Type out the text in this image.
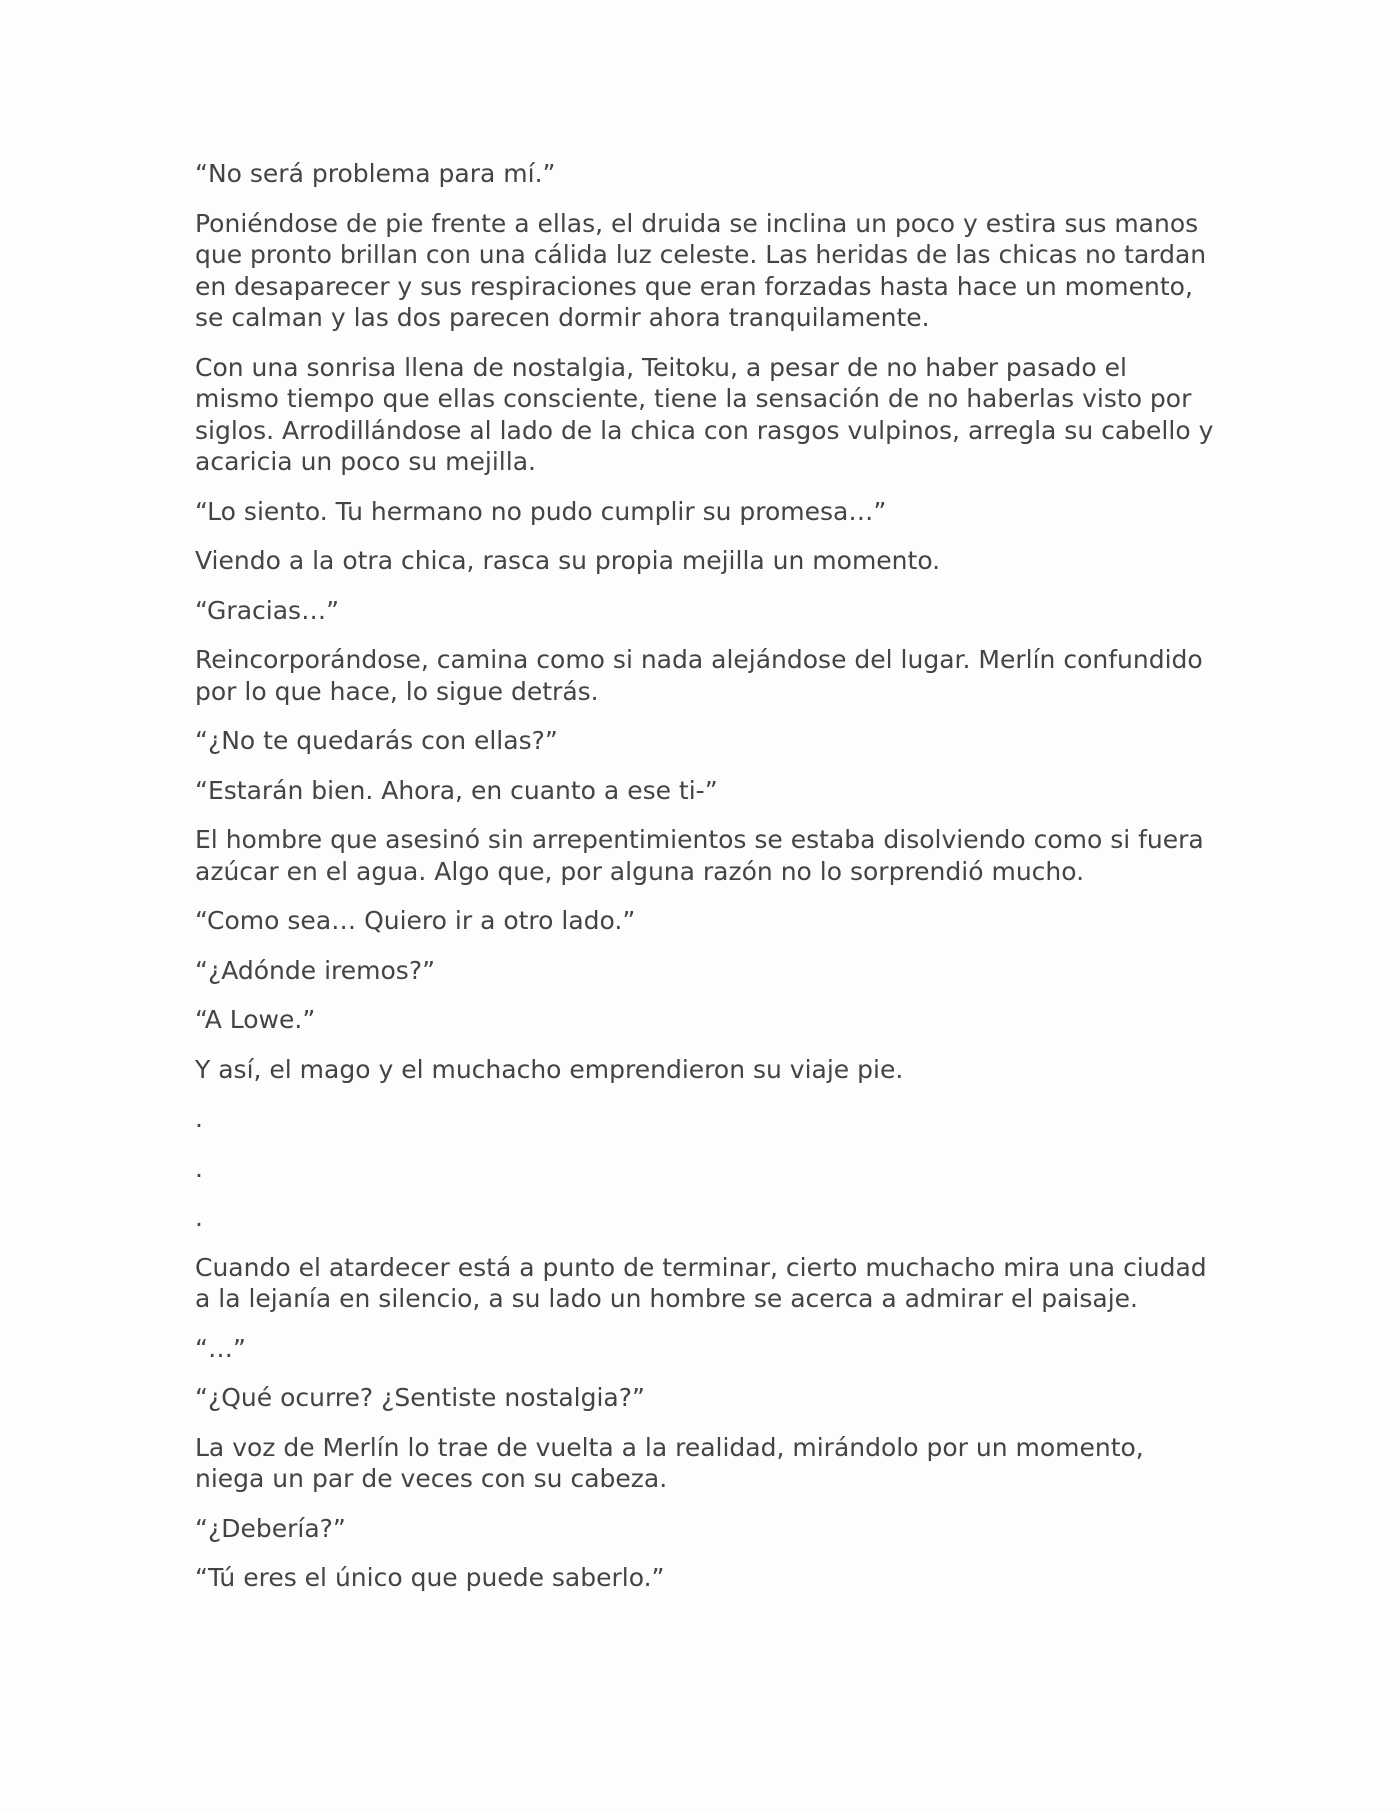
“No será problema para mí.”

Poniéndose de pie frente a ellas, el druida se inclina un poco y estira sus manos que pronto brillan con una cálida luz celeste. Las heridas de las chicas no tardan en desaparecer y sus respiraciones que eran forzadas hasta hace un momento, se calman y las dos parecen dormir ahora tranquilamente.

Con una sonrisa llena de nostalgia, Teitoku, a pesar de no haber pasado el mismo tiempo que ellas consciente, tiene la sensación de no haberlas visto por siglos. Arrodillándose al lado de la chica con rasgos vulpinos, arregla su cabello y acaricia un poco su mejilla.

“Lo siento. Tu hermano no pudo cumplir su promesa…”

Viendo a la otra chica, rasca su propia mejilla un momento.

“Gracias…”

Reincorporándose, camina como si nada alejándose del lugar. Merlín confundido por lo que hace, lo sigue detrás.

“¿No te quedarás con ellas?”

“Estarán bien. Ahora, en cuanto a ese ti-”

El hombre que asesinó sin arrepentimientos se estaba disolviendo como si fuera azúcar en el agua. Algo que, por alguna razón no lo sorprendió mucho.

“Como sea… Quiero ir a otro lado.”

“¿Adónde iremos?”

“A Lowe.”

Y así, el mago y el muchacho emprendieron su viaje pie.

.

.

.

Cuando el atardecer está a punto de terminar, cierto muchacho mira una ciudad a la lejanía en silencio, a su lado un hombre se acerca a admirar el paisaje.

“…”

“¿Qué ocurre? ¿Sentiste nostalgia?”

La voz de Merlín lo trae de vuelta a la realidad, mirándolo por un momento, niega un par de veces con su cabeza.

“¿Debería?”

“Tú eres el único que puede saberlo.”
